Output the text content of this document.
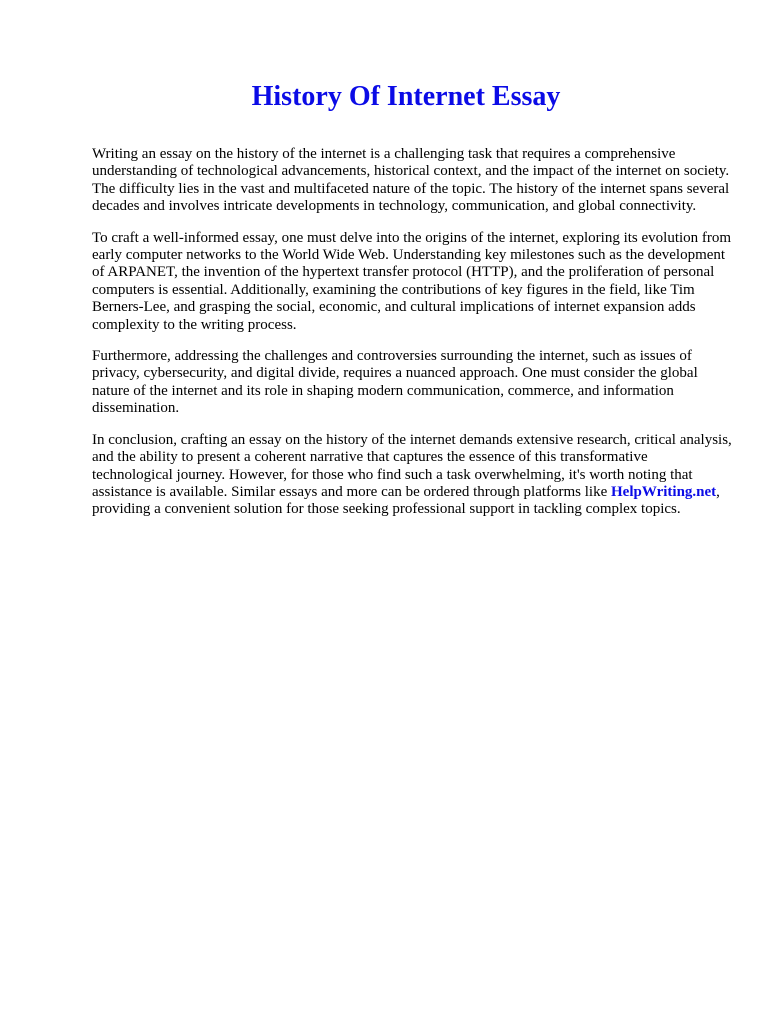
History Of Internet Essay

Writing an essay on the history of the internet is a challenging task that requires a comprehensive understanding of technological advancements, historical context, and the impact of the internet on society. The difficulty lies in the vast and multifaceted nature of the topic. The history of the internet spans several decades and involves intricate developments in technology, communication, and global connectivity.

To craft a well-informed essay, one must delve into the origins of the internet, exploring its evolution from early computer networks to the World Wide Web. Understanding key milestones such as the development of ARPANET, the invention of the hypertext transfer protocol (HTTP), and the proliferation of personal computers is essential. Additionally, examining the contributions of key figures in the field, like Tim Berners-Lee, and grasping the social, economic, and cultural implications of internet expansion adds complexity to the writing process.

Furthermore, addressing the challenges and controversies surrounding the internet, such as issues of privacy, cybersecurity, and digital divide, requires a nuanced approach. One must consider the global nature of the internet and its role in shaping modern communication, commerce, and information dissemination.

In conclusion, crafting an essay on the history of the internet demands extensive research, critical analysis, and the ability to present a coherent narrative that captures the essence of this transformative technological journey. However, for those who find such a task overwhelming, it's worth noting that assistance is available. Similar essays and more can be ordered through platforms like HelpWriting.net, providing a convenient solution for those seeking professional support in tackling complex topics.
